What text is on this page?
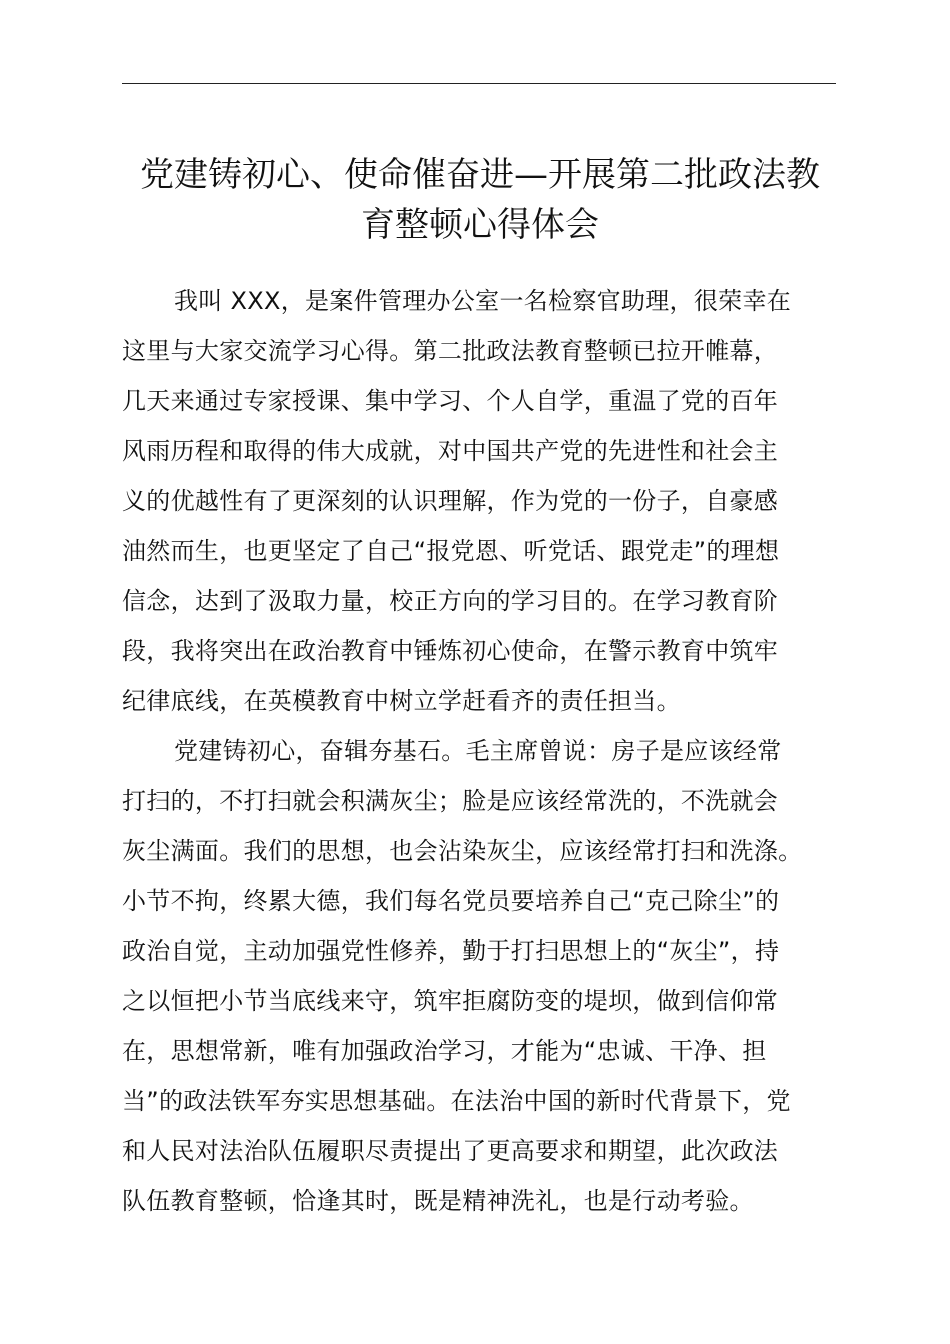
党建铸初心、使命催奋进—开展第二批政法教
育整顿心得体会
我叫 XXX，是案件管理办公室一名检察官助理，很荣幸在
这里与大家交流学习心得。第二批政法教育整顿已拉开帷幕，
几天来通过专家授课、集中学习、个人自学，重温了党的百年
风雨历程和取得的伟大成就，对中国共产党的先进性和社会主
义的优越性有了更深刻的认识理解，作为党的一份子，自豪感
油然而生，也更坚定了自己“报党恩、听党话、跟党走”的理想
信念，达到了汲取力量，校正方向的学习目的。在学习教育阶
段，我将突出在政治教育中锤炼初心使命，在警示教育中筑牢
纪律底线，在英模教育中树立学赶看齐的责任担当。
党建铸初心，奋辑夯基石。毛主席曾说：房子是应该经常
打扫的，不打扫就会积满灰尘；脸是应该经常洗的，不洗就会
灰尘满面。我们的思想，也会沾染灰尘，应该经常打扫和洗涤。
小节不拘，终累大德，我们每名党员要培养自己“克己除尘”的
政治自觉，主动加强党性修养，勤于打扫思想上的“灰尘”，持
之以恒把小节当底线来守，筑牢拒腐防变的堤坝，做到信仰常
在，思想常新，唯有加强政治学习，才能为“忠诚、干净、担
当”的政法铁军夯实思想基础。在法治中国的新时代背景下，党
和人民对法治队伍履职尽责提出了更高要求和期望，此次政法
队伍教育整顿，恰逢其时，既是精神洗礼，也是行动考验。
